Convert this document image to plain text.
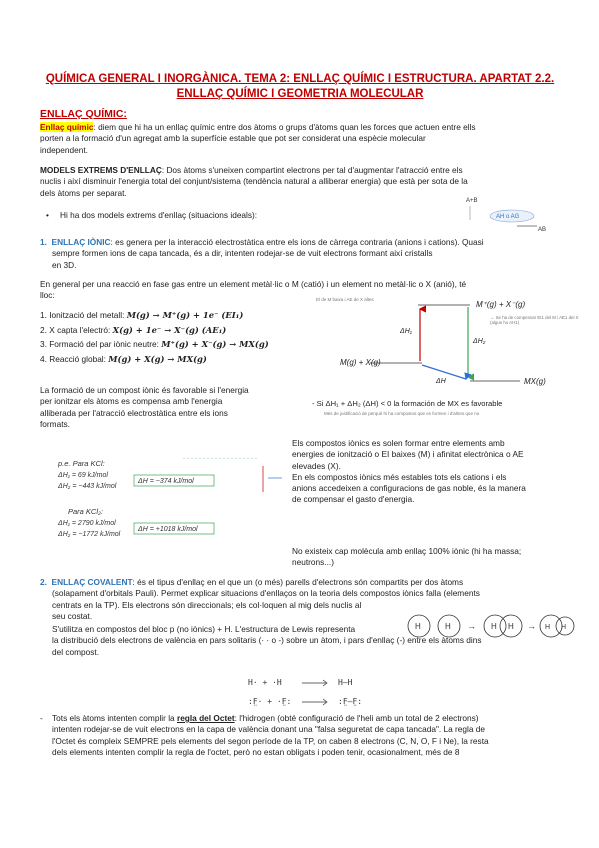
QUÍMICA GENERAL I INORGÀNICA. TEMA 2: ENLLAÇ QUÍMIC I ESTRUCTURA. APARTAT 2.2.
ENLLAÇ QUÍMIC I GEOMETRIA MOLECULAR
ENLLAÇ QUÍMIC:
Enllaç químic: diem que hi ha un enllaç químic entre dos àtoms o grups d'àtoms quan les forces que actuen entre ells
porten a la formació d'un agregat amb la superfície estable que pot ser considerat una espècie molecular
independent.
MODELS EXTREMS D'ENLLAÇ: Dos àtoms s'uneixen compartint electrons per tal d'augmentar l'atracció entre els
nuclis i així disminuir l'energia total del conjunt/sistema (tendència natural a alliberar energia) que està per sota de la
dels àtoms per separat.
• Hi ha dos models extrems d'enllaç (situacions ideals):
A+B
AH o AG
AB
1. ENLLAÇ IÒNIC: es genera per la interacció electrostàtica entre els ions de càrrega contraria (anions i cations). Quasi
sempre formen ions de capa tancada, és a dir, intenten rodejar-se de vuit electrons formant així cristalls
en 3D.
En general per una reacció en fase gas entre un element metàl·lic o M (catió) i un element no metàl·lic o X (anió), té
lloc:
1. Ionització del metall: M(g) → M⁺(g) + 1e⁻ (EI₁)
2. X capta l'electró: X(g) + 1e⁻ → X⁻(g) (AE₁)
3. Formació del par iònic neutre: M⁺(g) + X⁻(g) → MX(g)
4. Reacció global: M(g) + X(g) → MX(g)
El de M baixa i AE de X altes
M⁺(g) + X⁻(g)
M(g) + X(g)
MX(g)
ΔH₁
ΔH₂
ΔH
→ Se ha de compensar EI1 del M i AE1 del X (algun ho AH1)
- Si ΔH₁ + ΔH₂ (ΔH) < 0 la formación de MX es favorable
Més de justificació de perquè hi ha compostos que es formen i d'altres que no
La formació de un compost iònic és favorable si l'energia
per ionitzar els àtoms es compensa amb l'energia
alliberada per l'atracció electrostàtica entre els ions
formats.
Els compostos iònics es solen formar entre elements amb
energies de ionització o EI baixes (M) i afinitat electrònica o AE
elevades (X).
En els compostos iònics més estables tots els cations i els
anions accedeixen a configuracions de gas noble, és la manera
de compensar el gasto d'energia.
No existeix cap molècula amb enllaç 100% iònic (hi ha massa;
neutrons...)
p.e. Para KCl:
ΔH₁ = 69 kJ/mol
ΔH₂ = −443 kJ/mol
ΔH = −374 kJ/mol
Para KCl₂:
ΔH₁ = 2790 kJ/mol
ΔH₂ = −1772 kJ/mol
ΔH = +1018 kJ/mol
2. ENLLAÇ COVALENT: és el tipus d'enllaç en el que un (o més) parells d'electrons són compartits per dos àtoms
(solapament d'orbitals Pauli). Permet explicar situacions d'enllaços on la teoria dels compostos iònics falla (elements
centrats en la TP). Els electrons són direccionals; els col·loquen al mig dels nuclis al
seu costat.
S'utilitza en compostos del bloc p (no iònics) + H. L'estructura de Lewis representa
la distribució dels electrons de valència en pars solitaris (· · o -) sobre un àtom, i pars d'enllaç (-) entre els àtoms dins
del compost.
H	H → H H → H H
H· + ·H	H—H
:F̤· + ·F̤:	:F̤—F̤:
- Tots els àtoms intenten complir la regla del Octet: l'hidrogen (obté configuració de l'heli amb un total de 2 electrons)
intenten rodejar-se de vuit electrons en la capa de valència donant una "falsa seguretat de capa tancada". La regla de
l'Octet és compleix SEMPRE pels elements del segon període de la TP, on caben 8 electrons (C, N, O, F i Ne), la resta
dels elements intenten complir la regla de l'octet, però no estan obligats i poden tenir, ocasionalment, més de 8
